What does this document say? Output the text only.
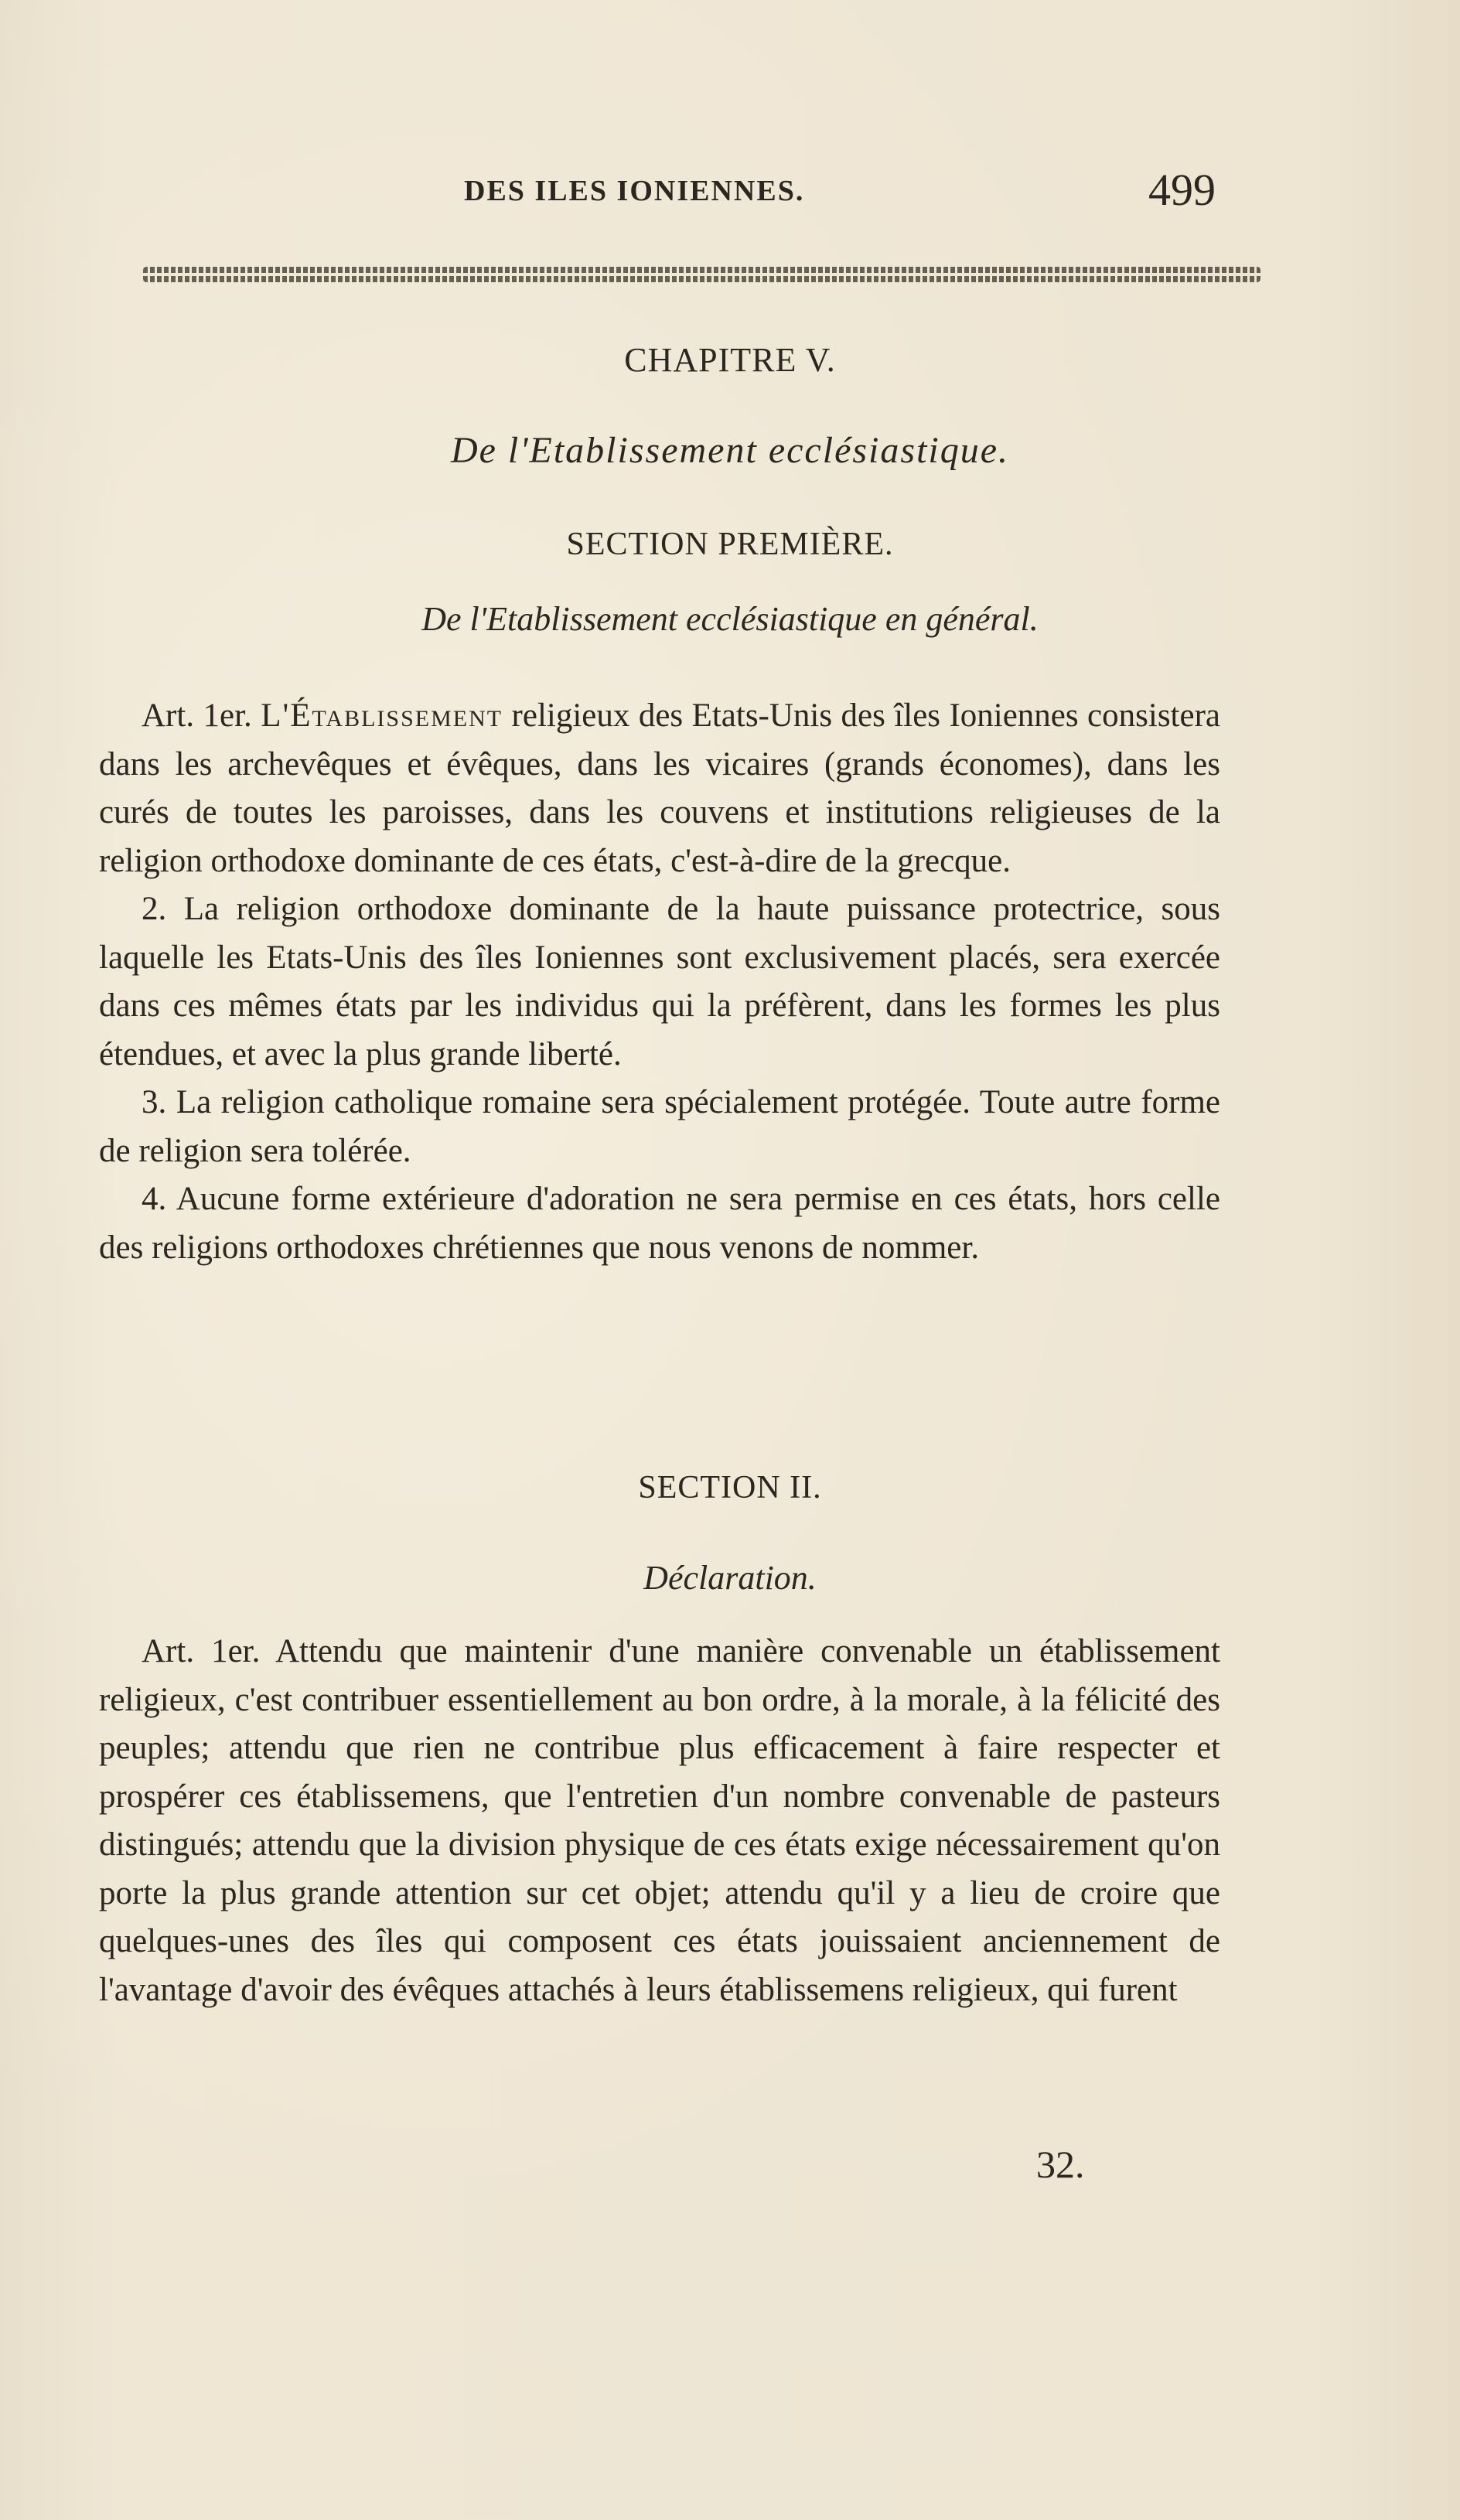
DES ILES IONIENNES.	499
CHAPITRE V.
De l'Etablissement ecclésiastique.
SECTION PREMIÈRE.
De l'Etablissement ecclésiastique en général.

Art. 1er. L'Établissement religieux des Etats-Unis des îles Ioniennes consistera dans les archevêques et évêques, dans les vicaires (grands économes), dans les curés de toutes les paroisses, dans les couvens et institutions religieuses de la religion orthodoxe dominante de ces états, c'est-à-dire de la grecque.

2. La religion orthodoxe dominante de la haute puissance protectrice, sous laquelle les Etats-Unis des îles Ioniennes sont exclusivement placés, sera exercée dans ces mêmes états par les individus qui la préfèrent, dans les formes les plus étendues, et avec la plus grande liberté.

3. La religion catholique romaine sera spécialement protégée. Toute autre forme de religion sera tolérée.

4. Aucune forme extérieure d'adoration ne sera permise en ces états, hors celle des religions orthodoxes chrétiennes que nous venons de nommer.

SECTION II.
Déclaration.

Art. 1er. Attendu que maintenir d'une manière convenable un établissement religieux, c'est contribuer essentiellement au bon ordre, à la morale, à la félicité des peuples; attendu que rien ne contribue plus efficacement à faire respecter et prospérer ces établissemens, que l'entretien d'un nombre convenable de pasteurs distingués; attendu que la division physique de ces états exige nécessairement qu'on porte la plus grande attention sur cet objet; attendu qu'il y a lieu de croire que quelques-unes des îles qui composent ces états jouissaient anciennement de l'avantage d'avoir des évêques attachés à leurs établissemens religieux, qui furent

32.
